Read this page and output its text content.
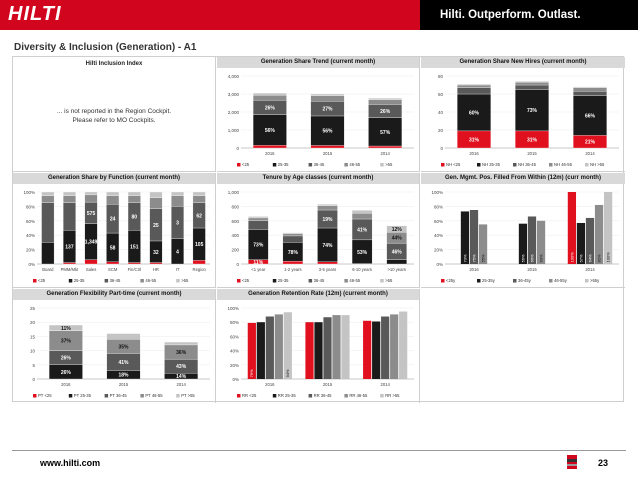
HILTI	Hilti. Outperform. Outlast.
Diversity & Inclusion (Generation) - A1
Hilti Inclusion Index
... is not reported in the Region Cockpit.
Please refer to MO Cockpits.
Generation Share Trend (current month)
0
1,000
2,000
3,000
4,000
56%
26%
2016
56%
27%
2015
57%
26%
2014
<25	25-35	36-45	46-55	>55
Generation Share New Hires (current month)
0
20
40
60
80
31%
60%
2016
31%
73%
2015
21%
66%
2014
NH <25	NH 25-35	NH 36-45	NH 46-55	NH >55
Generation Share by Function (current month)
0%
20%
40%
60%
80%
100%
Board
137
PMM/Mkt
1,349
575
Sales
58
24
SCM
151
80
Fin/Ctrl
32
25
HR
4
3
IT
105
62
Region
<25	25-35	36-45	46-55	>55
Tenure by Age classes (current month)
0
200
400
600
800
1,000
11%
73%
<1 year
78%
1-2 years
74%
19%
3-5 years
53%
41%
6-10 years
46%
44%
12%
>10 years
<25	25-35	36-45	46-55	>55
Gen. Mgmt. Pos. Filled From Within (12m) (curr month)
0%
20%
40%
60%
80%
100%
73% 75% 55%
2016
56% 66% 60%
2015
100% 57% 64% 82% 100%
2014
<25y	25-35y	36-45y	46-55y	>55y
Generation Flexibility Part-time (current month)
0
5
10
15
20
25
26%
26%
37%
11%
2016
18%
41%
35%
2015
14%
43%
36%
2014
PT <25	PT 25-35	PT 36-45	PT 46-55	PT >55
Generation Retention Rate (12m) (current month)
0%
20%
40%
60%
80%
100%
79%	94%
2016	2015	2014
RR <25	RR 25-35	RR 36-45	RR 46-55	RR >55
www.hilti.com	23
